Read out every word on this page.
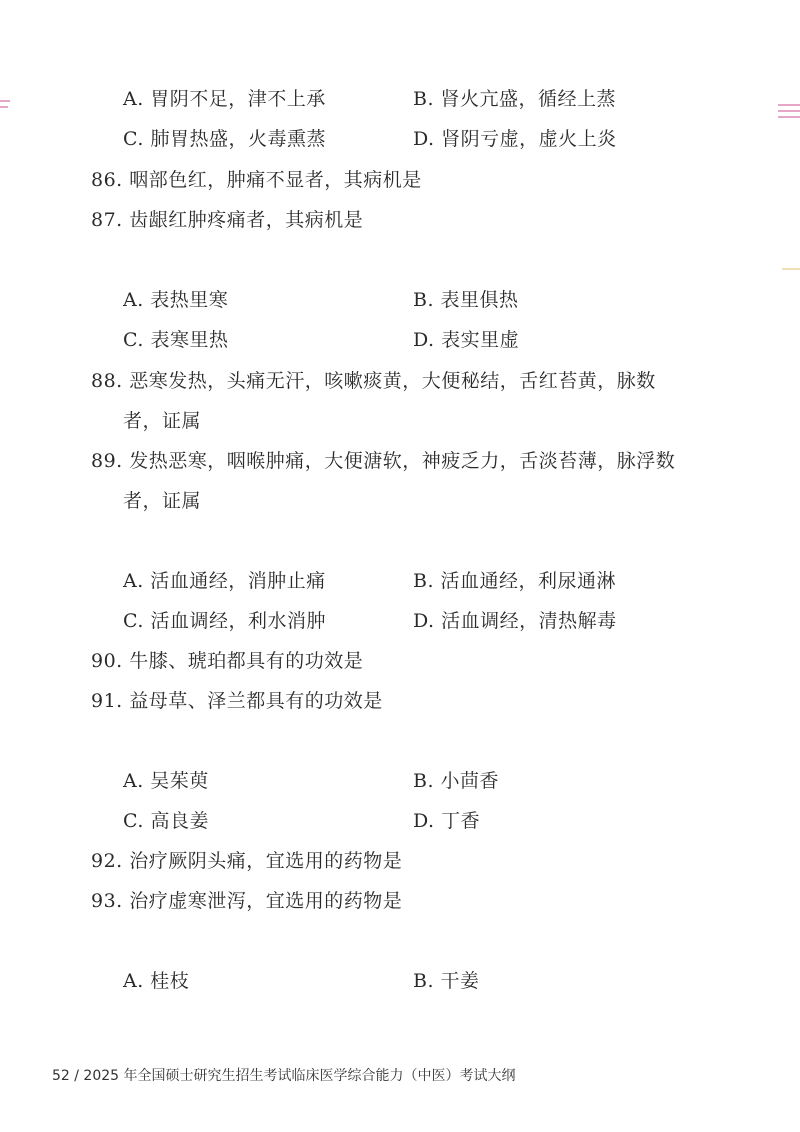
A. 胃阴不足，津不上承	B. 肾火亢盛，循经上蒸
C. 肺胃热盛，火毒熏蒸	D. 肾阴亏虚，虚火上炎
86. 咽部色红，肿痛不显者，其病机是
87. 齿龈红肿疼痛者，其病机是
A. 表热里寒	B. 表里俱热
C. 表寒里热	D. 表实里虚
88. 恶寒发热，头痛无汗，咳嗽痰黄，大便秘结，舌红苔黄，脉数
者，证属
89. 发热恶寒，咽喉肿痛，大便溏软，神疲乏力，舌淡苔薄，脉浮数
者，证属
A. 活血通经，消肿止痛	B. 活血通经，利尿通淋
C. 活血调经，利水消肿	D. 活血调经，清热解毒
90. 牛膝、琥珀都具有的功效是
91. 益母草、泽兰都具有的功效是
A. 吴茱萸	B. 小茴香
C. 高良姜	D. 丁香
92. 治疗厥阴头痛，宜选用的药物是
93. 治疗虚寒泄泻，宜选用的药物是
A. 桂枝	B. 干姜
52 / 2025 年全国硕士研究生招生考试临床医学综合能力（中医）考试大纲
